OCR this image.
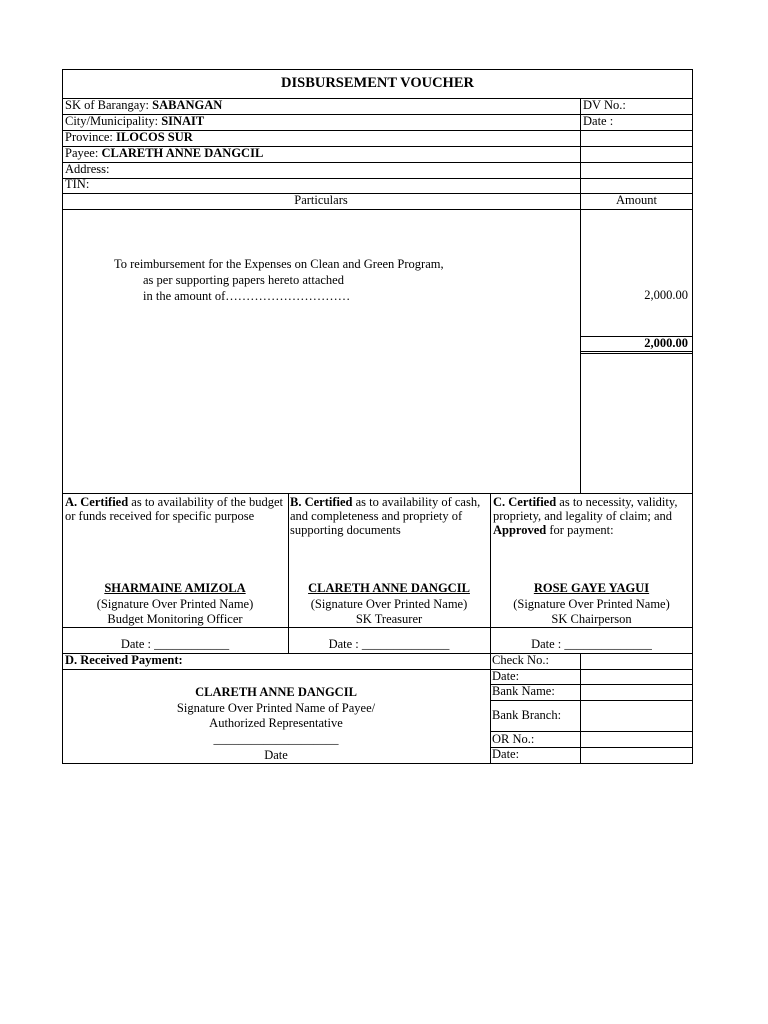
DISBURSEMENT VOUCHER
SK of Barangay: SABANGAN
City/Municipality: SINAIT
Province: ILOCOS SUR
Payee: CLARETH ANNE DANGCIL
Address:
TIN:
DV No.:
Date :
Particulars	Amount
To reimbursement for the Expenses on Clean and Green Program,
as per supporting papers hereto attached
in the amount of…………………………	2,000.00
2,000.00
A. Certified as to availability of the budget or funds received for specific purpose
SHARMAINE AMIZOLA
(Signature Over Printed Name)
Budget Monitoring Officer
Date : ____________
B. Certified as to availability of cash, and completeness and propriety of supporting documents
CLARETH ANNE DANGCIL
(Signature Over Printed Name)
SK Treasurer
Date : ______________
C. Certified as to necessity, validity, propriety, and legality of claim; and Approved for payment:
ROSE GAYE YAGUI
(Signature Over Printed Name)
SK Chairperson
Date : ______________
D. Received Payment:
CLARETH ANNE DANGCIL
Signature Over Printed Name of Payee/
Authorized Representative
____________________
Date
Check No.:
Date:
Bank Name:
Bank Branch:
OR No.:
Date:
